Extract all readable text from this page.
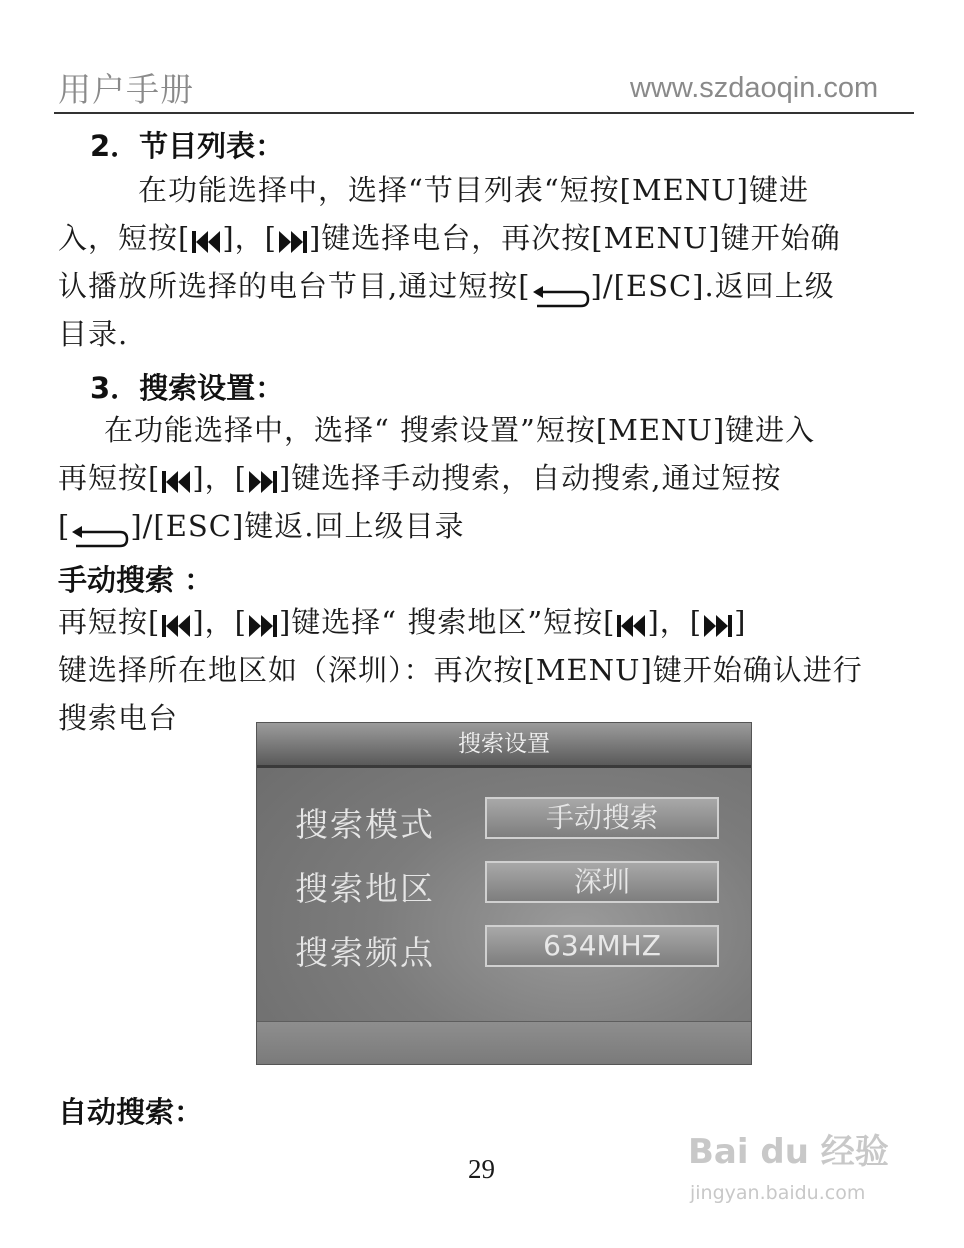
用户手册	www.szdaoqin.com
2．节目列表：
在功能选择中，选择“节目列表“短按[MENU]键进
入，短按[ ]，[ ]键选择电台，再次按[MENU]键开始确
认播放所选择的电台节目,通过短按[ ]/[ESC].返回上级
目录.
3．搜索设置：
在功能选择中，选择“ 搜索设置”短按[MENU]键进入
再短按[ ]，[ ]键选择手动搜索，自动搜索,通过短按
[ ]/[ESC]键返.回上级目录
手动搜索 ：
再短按[ ]，[ ]键选择“ 搜索地区”短按[ ]，[ ]
键选择所在地区如（深圳）：再次按[MENU]键开始确认进行
搜索电台
搜索设置
搜索模式	手动搜索
搜索地区	深圳
搜索频点	634MHZ
自动搜索：
29	Bai du 经验
jingyan.baidu.com
